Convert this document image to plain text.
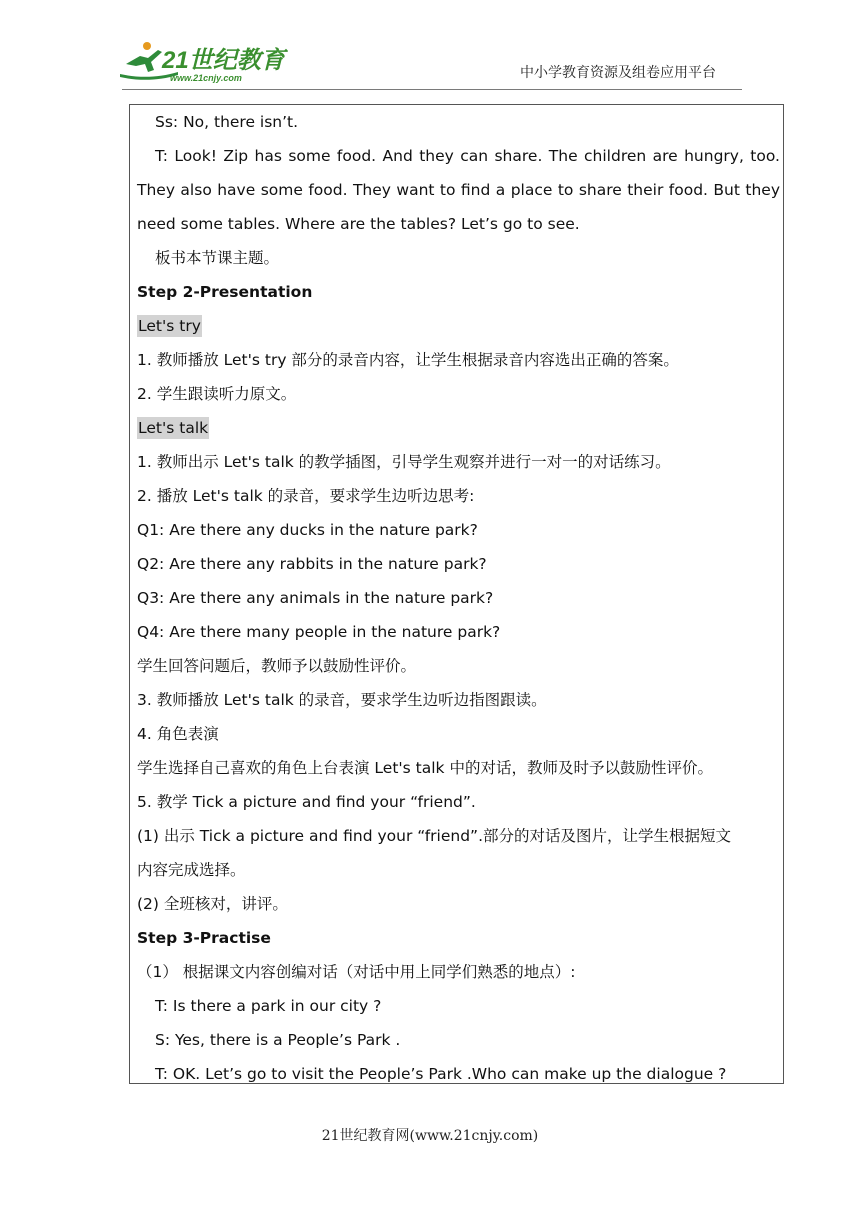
21世纪教育
www.21cnjy.com	中小学教育资源及组卷应用平台
Ss: No, there isn’t.
T: Look! Zip has some food. And they can share. The children are hungry, too.
They also have some food. They want to find a place to share their food. But they
need some tables. Where are the tables? Let’s go to see.
板书本节课主题。
Step 2-Presentation
Let's try
1. 教师播放 Let's try 部分的录音内容，让学生根据录音内容选出正确的答案。
2. 学生跟读听力原文。
Let's talk
1. 教师出示 Let's talk 的教学插图，引导学生观察并进行一对一的对话练习。
2. 播放 Let's talk 的录音，要求学生边听边思考:
Q1: Are there any ducks in the nature park?
Q2: Are there any rabbits in the nature park?
Q3: Are there any animals in the nature park?
Q4: Are there many people in the nature park?
学生回答问题后，教师予以鼓励性评价。
3. 教师播放 Let's talk 的录音，要求学生边听边指图跟读。
4. 角色表演
学生选择自己喜欢的角色上台表演 Let's talk 中的对话，教师及时予以鼓励性评价。
5. 教学 Tick a picture and find your “friend”.
(1) 出示 Tick a picture and find your “friend”.部分的对话及图片，让学生根据短文
内容完成选择。
(2) 全班核对，讲评。
Step 3-Practise
（1） 根据课文内容创编对话（对话中用上同学们熟悉的地点）:
T: Is there a park in our city ?
S: Yes, there is a People’s Park .
T: OK. Let’s go to visit the People’s Park .Who can make up the dialogue ?
21世纪教育网(www.21cnjy.com)
